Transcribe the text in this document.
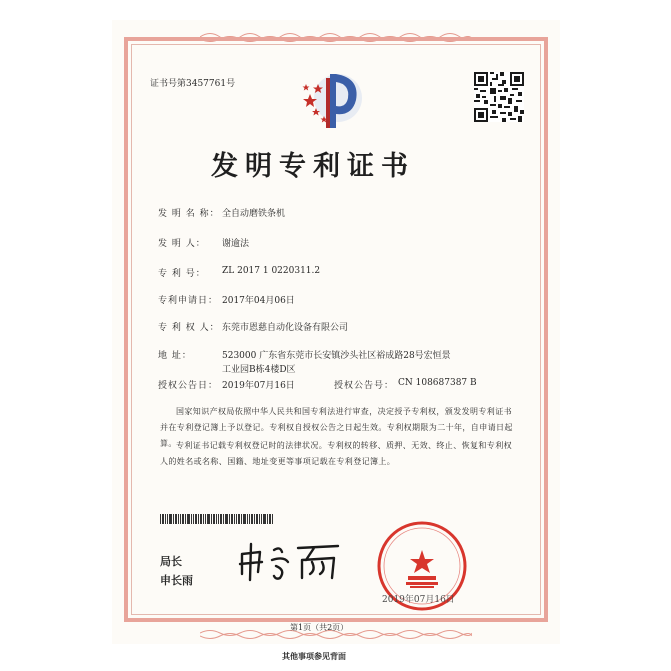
证书号第3457761号
发明专利证书
发 明 名 称： 全自动磨铁条机
发 明 人： 谢逾法
专 利 号： ZL 2017 1 0220311.2
专利申请日： 2017年04月06日
专 利 权 人： 东莞市恩慈自动化设备有限公司
地 址：	523000 广东省东莞市长安镇沙头社区裕成路28号宏恒景
工业园B栋4楼D区
授权公告日： 2019年07月16日	授权公告号： CN 108687387 B
国家知识产权局依照中华人民共和国专利法进行审查，决定授予专利权，颁发发明专利证书并在专利登记簿上予以登记。专利权自授权公告之日起生效。专利权期限为二十年，自申请日起算。 专利证书记载专利权登记时的法律状况。专利权的转移、质押、无效、终止、恢复和专利权人的姓名或名称、国籍、地址变更等事项记载在专利登记簿上。
局长
申长雨
2019年07月16日
第1页（共2页）
其他事项参见背面
